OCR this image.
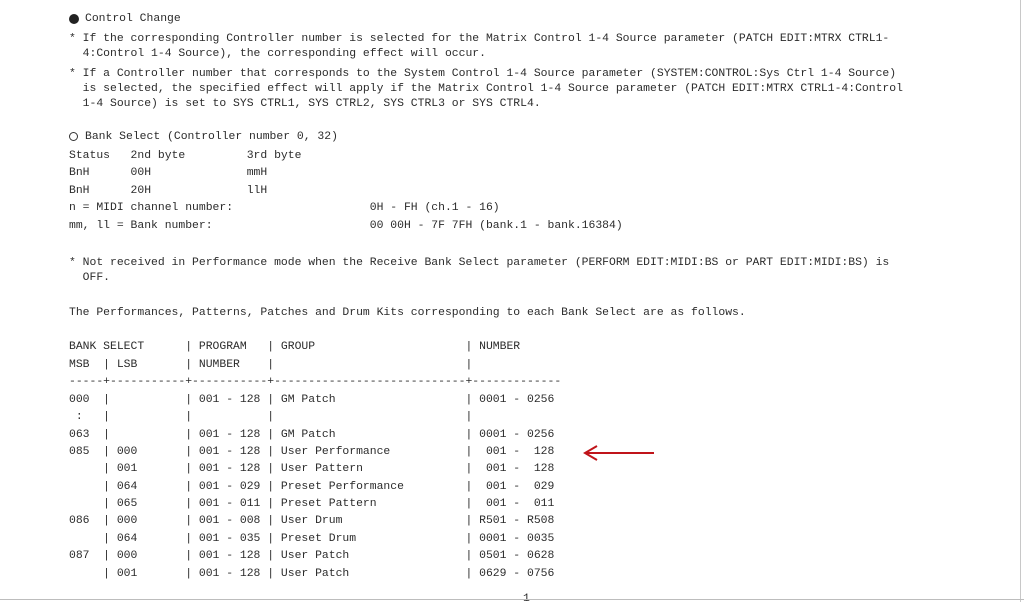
Control Change
* If the corresponding Controller number is selected for the Matrix Control 1-4 Source parameter (PATCH EDIT:MTRX CTRL1-
4:Control 1-4 Source), the corresponding effect will occur.
* If a Controller number that corresponds to the System Control 1-4 Source parameter (SYSTEM:CONTROL:Sys Ctrl 1-4 Source)
is selected, the specified effect will apply if the Matrix Control 1-4 Source parameter (PATCH EDIT:MTRX CTRL1-4:Control
1-4 Source) is set to SYS CTRL1, SYS CTRL2, SYS CTRL3 or SYS CTRL4.
Bank Select (Controller number 0, 32)
Status   2nd byte         3rd byte
BnH      00H              mmH
BnH      20H              llH
n = MIDI channel number:                    0H - FH (ch.1 - 16)
mm, ll = Bank number:                       00 00H - 7F 7FH (bank.1 - bank.16384)
* Not received in Performance mode when the Receive Bank Select parameter (PERFORM EDIT:MIDI:BS or PART EDIT:MIDI:BS) is
OFF.
The Performances, Patterns, Patches and Drum Kits corresponding to each Bank Select are as follows.
BANK SELECT      | PROGRAM   | GROUP                      | NUMBER
MSB  | LSB       | NUMBER    |                            |
-----+-----------+-----------+----------------------------+-------------
000  |           | 001 - 128 | GM Patch                   | 0001 - 0256
:   |           |           |                            |
063  |           | 001 - 128 | GM Patch                   | 0001 - 0256
085  | 000       | 001 - 128 | User Performance           |  001 -  128
| 001       | 001 - 128 | User Pattern               |  001 -  128
| 064       | 001 - 029 | Preset Performance         |  001 -  029
| 065       | 001 - 011 | Preset Pattern             |  001 -  011
086  | 000       | 001 - 008 | User Drum                  | R501 - R508
| 064       | 001 - 035 | Preset Drum                | 0001 - 0035
087  | 000       | 001 - 128 | User Patch                 | 0501 - 0628
| 001       | 001 - 128 | User Patch                 | 0629 - 0756
